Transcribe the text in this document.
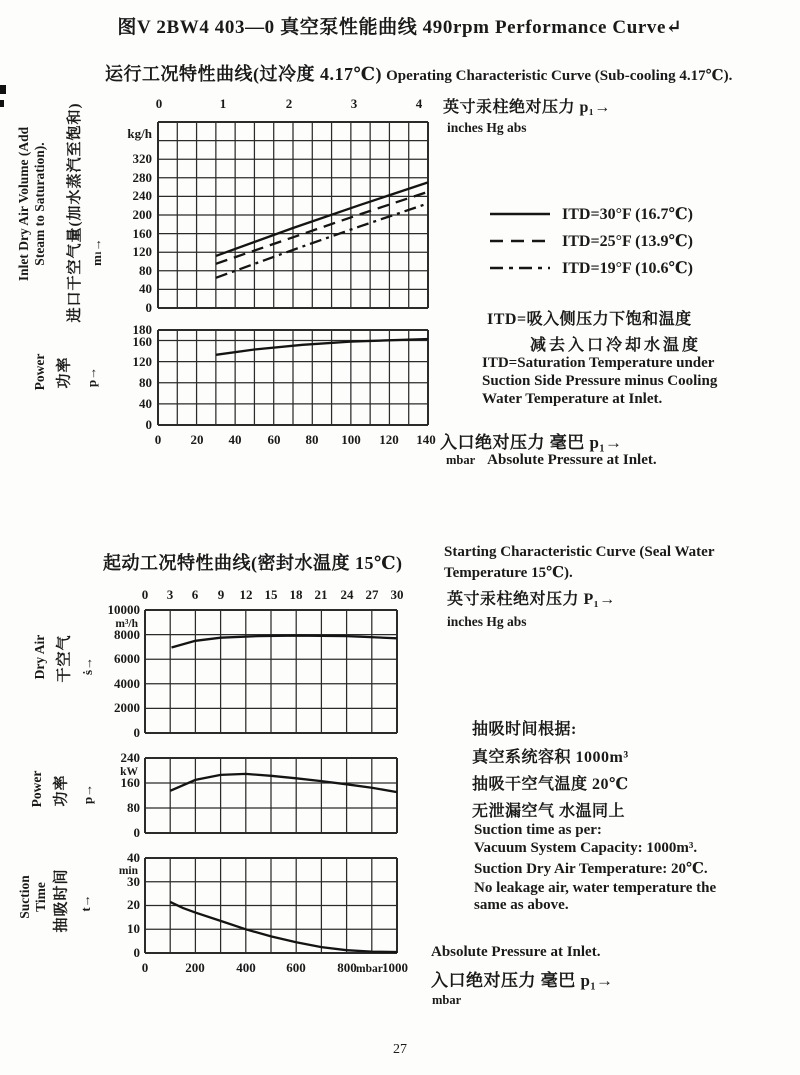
图V 2BW4 403—0 真空泵性能曲线 490rpm Performance Curve↵
运行工况特性曲线(过冷度 4.17℃) Operating Characteristic Curve (Sub-cooling 4.17℃).
Inlet Dry Air Volume (Add Steam to Saturation). 进口干空气量(加水蒸汽至饱和) mₗ→
Power 功率 p→
0	1	2	3	4
kg/h
320
280
240
200
160
120
80
40
0
180
160
120
80
40
0
0 20 40 60 80 100 120 140
英寸汞柱绝对压力 p₁→
inches Hg abs
ITD=30°F (16.7℃)
ITD=25°F (13.9℃)
ITD=19°F (10.6℃)
ITD=吸入侧压力下饱和温度
减去入口冷却水温度
ITD=Saturation Temperature under
Suction Side Pressure minus Cooling
Water Temperature at Inlet.
入口绝对压力 毫巴 p₁→
mbar Absolute Pressure at Inlet.
起动工况特性曲线(密封水温度 15℃)
Starting Characteristic Curve (Seal Water
Temperature 15℃).
英寸汞柱绝对压力 P₁→
inches Hg abs
Dry Air 干空气 ṡ→
Power 功率 p→
Suction Time 抽吸时间 t→
0 3 6 9 12 15 18 21 24 27 30
10000
m³/h
8000
6000
4000
2000
0
240
kW
160
80
0
40
min
30
20
10
0
0	200 400 600 800 mbar 1000
抽吸时间根据:
真空系统容积 1000m³
抽吸干空气温度 20℃
无泄漏空气 水温同上
Suction time as per:
Vacuum System Capacity: 1000m³.
Suction Dry Air Temperature: 20℃.
No leakage air, water temperature the
same as above.
Absolute Pressure at Inlet.
入口绝对压力 毫巴 p₁→
mbar
27
